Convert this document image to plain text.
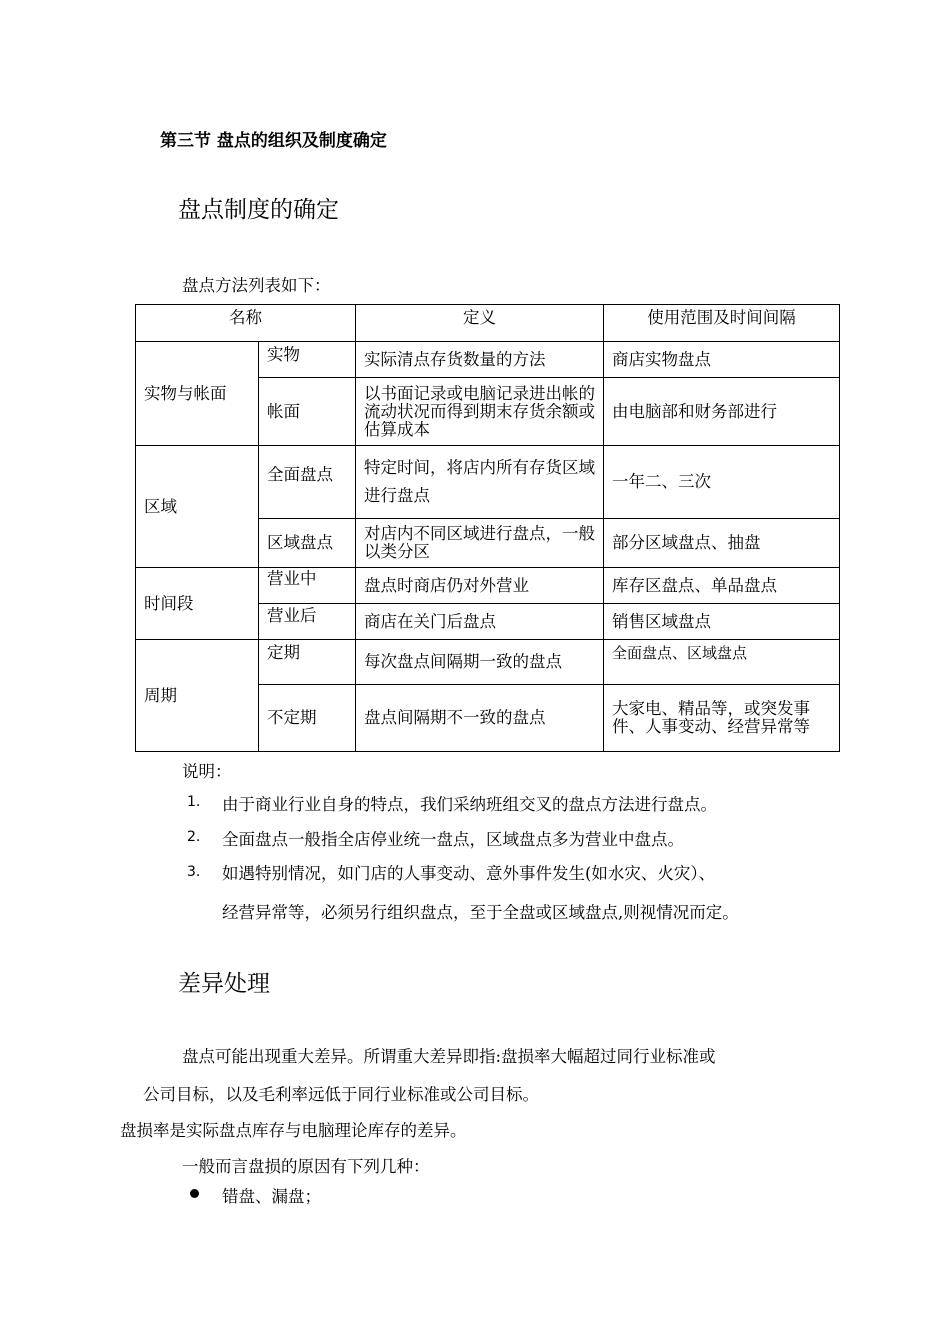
第三节 盘点的组织及制度确定
盘点制度的确定
盘点方法列表如下：
名称		定义	使用范围及时间间隔
实物与帐面	实物	实际清点存货数量的方法	商店实物盘点
	帐面	以书面记录或电脑记录进出帐的流动状况而得到期末存货余额或估算成本	由电脑部和财务部进行
区域	全面盘点	特定时间，将店内所有存货区域进行盘点	一年二、三次
	区域盘点	对店内不同区域进行盘点，一般以类分区	部分区域盘点、抽盘
时间段	营业中	盘点时商店仍对外营业	库存区盘点、单品盘点
	营业后	商店在关门后盘点	销售区域盘点
周期	定期	每次盘点间隔期一致的盘点	全面盘点、区域盘点
	不定期	盘点间隔期不一致的盘点	大家电、精品等，或突发事件、人事变动、经营异常等
说明：
1. 由于商业行业自身的特点，我们采纳班组交叉的盘点方法进行盘点。
2. 全面盘点一般指全店停业统一盘点，区域盘点多为营业中盘点。
3. 如遇特别情况，如门店的人事变动、意外事件发生(如水灾、火灾）、
经营异常等，必须另行组织盘点，至于全盘或区域盘点,则视情况而定。
差异处理
盘点可能出现重大差异。所谓重大差异即指:盘损率大幅超过同行业标准或
公司目标，以及毛利率远低于同行业标准或公司目标。
盘损率是实际盘点库存与电脑理论库存的差异。
一般而言盘损的原因有下列几种：
错盘、漏盘；
